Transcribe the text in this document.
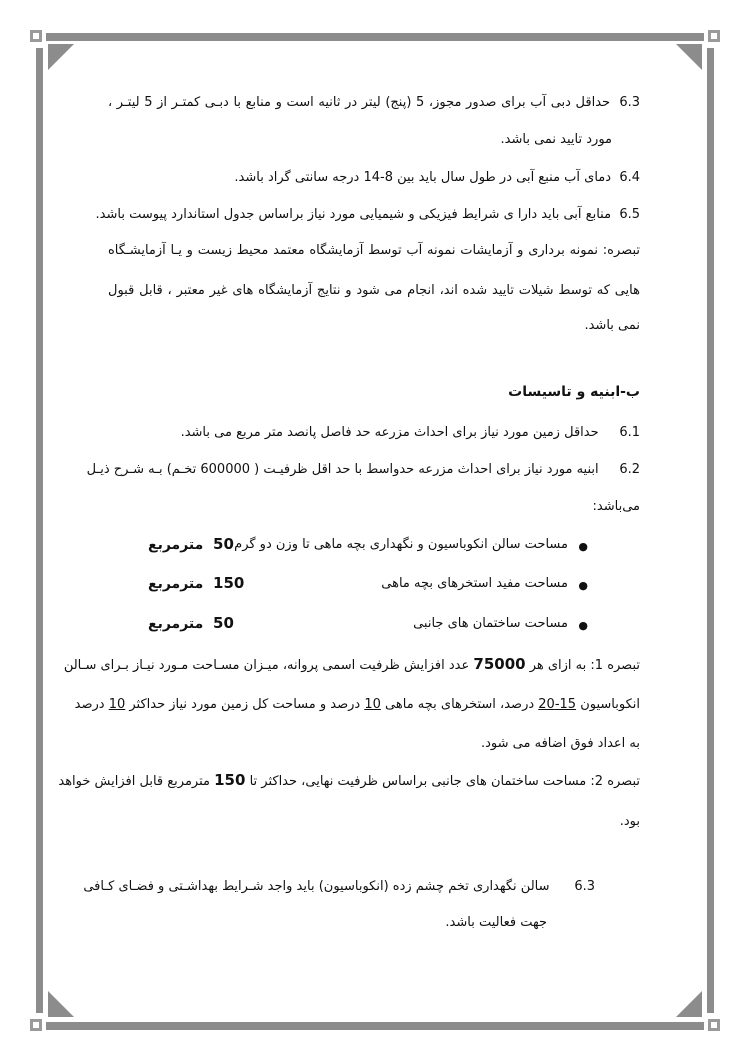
6.3  حداقل دبی آب برای صدور مجوز، 5 (پنج) لیتر در ثانیه است و منابع با دبـی کمتـر از 5 لیتـر ،
مورد تایید نمی باشد.
6.4  دمای آب منبع آبی در طول سال باید بین 8-14 درجه سانتی گراد باشد.
6.5  منابع آبی باید دارا ی شرایط فیزیکی و شیمیایی مورد نیاز براساس جدول استاندارد پیوست باشد.
تبصره: نمونه برداری و آزمایشات نمونه آب توسط آزمایشگاه معتمد محیط زیست و یـا آزمایشـگاه
هایی که توسط شیلات تایید شده اند، انجام می شود و نتایج آزمایشگاه های غیر معتبر ، قابل قبول
نمی باشد.
ب-ابنیه و تاسیسات
6.1     حداقل زمین مورد نیاز برای احداث مزرعه حد فاصل پانصد متر مربع می باشد.
6.2     ابنیه مورد نیاز برای احداث مزرعه حدواسط با حد اقل ظرفیـت ( 600000 تخـم) بـه شـرح ذیـل
می‌باشد:
●
مساحت سالن انکوباسیون و نگهداری بچه ماهی تا وزن دو گرم
50  مترمربع
●
مساحت مفید استخرهای بچه ماهی
150  مترمربع
●
مساحت ساختمان های جانبی
50  مترمربع
تبصره 1: به ازای هر 75000 عدد افزایش ظرفیت اسمی پروانه، میـزان مسـاحت مـورد نیـاز بـرای سـالن
انکوباسیون 15-20 درصد، استخرهای بچه ماهی 10 درصد و مساحت کل زمین مورد نیاز حداکثر 10 درصد
به اعداد فوق اضافه می شود.
تبصره 2: مساحت ساختمان های جانبی براساس ظرفیت نهایی، حداکثر تا 150 مترمربع قابل افزایش خواهد
بود.
6.3      سالن نگهداری تخم چشم زده (انکوباسیون) باید واجد شـرایط بهداشـتی و فضـای کـافی
جهت فعالیت باشد.
